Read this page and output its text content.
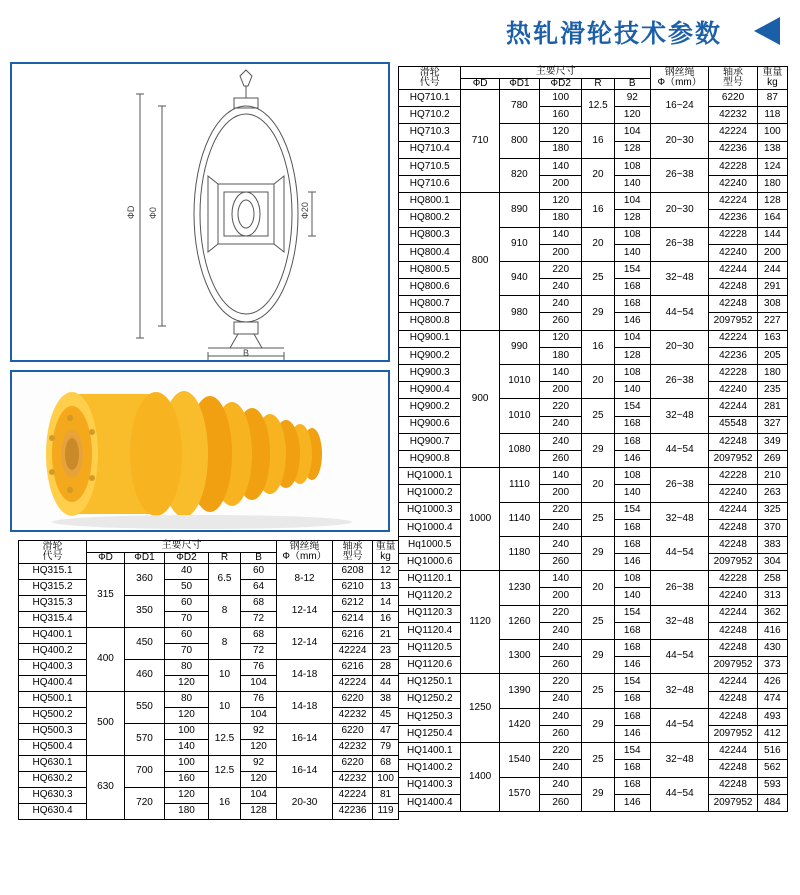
热轧滑轮技术参数
ФD Ф0	Ф20
B
滑轮
代号
	主要尺寸	钢丝绳
Ф（mm）

轴承
型号

重量
kg

	ФD	ФD1	ФD2	R	B			
HQ315.1	315	360	40	6.5	60	8-12	6208	12
HQ315.2			50		64		6210	13
HQ315.3		350	60	8	68	12-14	6212	14
HQ315.4			70		72		6214	16
HQ400.1	400	450	60	8	68	12-14	6216	21
HQ400.2			70		72		42224	23
HQ400.3		460	80	10	76	14-18	6216	28
HQ400.4			120		104		42224	44
HQ500.1	500	550	80	10	76	14-18	6220	38
HQ500.2			120		104		42232	45
HQ500.3		570	100	12.5	92	16-14	6220	47
HQ500.4			140		120		42232	79
HQ630.1	630	700	100	12.5	92	16-14	6220	68
HQ630.2			160		120		42232	100
HQ630.3		720	120	16	104	20-30	42224	81
HQ630.4			180		128		42236	119
滑轮
代号
	主要尺寸	钢丝绳
Ф（mm）

轴承
型号

重量
kg

	ФD	ФD1	ФD2	R	B			
HQ710.1	710	780	100	12.5	92	16~24	6220	87
HQ710.2			160		120		42232	118
HQ710.3		800	120	16	104	20~30	42224	100
HQ710.4			180		128		42236	138
HQ710.5		820	140	20	108	26~38	42228	124
HQ710.6			200		140		42240	180
HQ800.1	800	890	120	16	104	20~30	42224	128
HQ800.2			180		128		42236	164
HQ800.3		910	140	20	108	26~38	42228	144
HQ800.4			200		140		42240	200
HQ800.5		940	220	25	154	32~48	42244	244
HQ800.6			240		168		42248	291
HQ800.7		980	240	29	168	44~54	42248	308
HQ800.8			260		146		2097952	227
HQ900.1	900	990	120	16	104	20~30	42224	163
HQ900.2			180		128		42236	205
HQ900.3		1010	140	20	108	26~38	42228	180
HQ900.4			200		140		42240	235
HQ900.2		1010	220	25	154	32~48	42244	281
HQ900.6			240		168		45548	327
HQ900.7		1080	240	29	168	44~54	42248	349
HQ900.8			260		146		2097952	269
HQ1000.1	1000	1110	140	20	108	26~38	42228	210
HQ1000.2			200		140		42240	263
HQ1000.3		1140	220	25	154	32~48	42244	325
HQ1000.4			240		168		42248	370
Hq1000.5		1180	240	29	168	44~54	42248	383
HQ1000.6			260		146		2097952	304
HQ1120.1	1120	1230	140	20	108	26~38	42228	258
HQ1120.2			200		140		42240	313
HQ1120.3		1260	220	25	154	32~48	42244	362
HQ1120.4			240		168		42248	416
HQ1120.5		1300	240	29	168	44~54	42248	430
HQ1120.6			260		146		2097952	373
HQ1250.1	1250	1390	220	25	154	32~48	42244	426
HQ1250.2			240		168		42248	474
HQ1250.3		1420	240	29	168	44~54	42248	493
HQ1250.4			260		146		2097952	412
HQ1400.1	1400	1540	220	25	154	32~48	42244	516
HQ1400.2			240		168		42248	562
HQ1400.3		1570	240	29	168	44~54	42248	593
HQ1400.4			260		146		2097952	484
